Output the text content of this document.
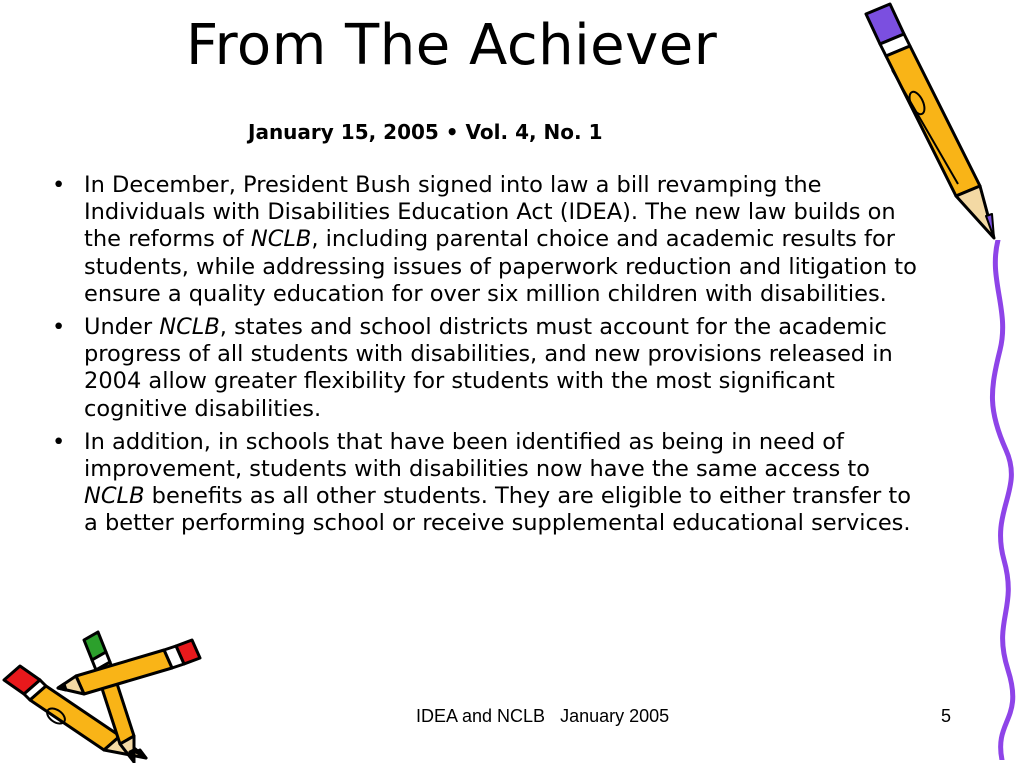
From The Achiever
January 15, 2005 • Vol. 4, No. 1
• In December, President Bush signed into law a bill revamping the Individuals with Disabilities Education Act (IDEA). The new law builds on the reforms of NCLB, including parental choice and academic results for students, while addressing issues of paperwork reduction and litigation to ensure a quality education for over six million children with disabilities.
• Under NCLB, states and school districts must account for the academic progress of all students with disabilities, and new provisions released in 2004 allow greater flexibility for students with the most significant cognitive disabilities.
• In addition, in schools that have been identified as being in need of improvement, students with disabilities now have the same access to NCLB benefits as all other students. They are eligible to either transfer to a better performing school or receive supplemental educational services.
IDEA and NCLB   January 2005	5
